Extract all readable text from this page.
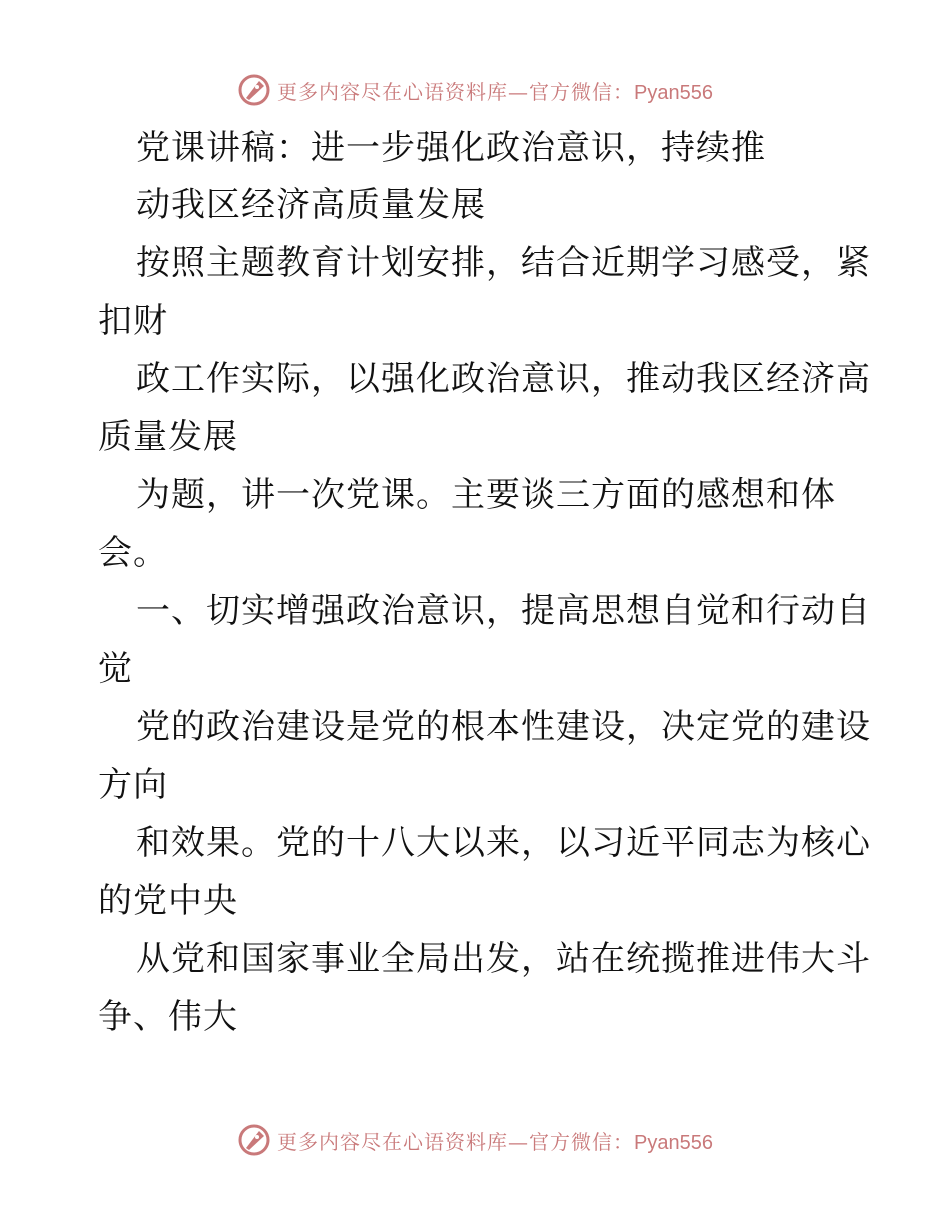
更多内容尽在心语资料库—官方微信：Pyan556
党课讲稿：进一步强化政治意识，持续推
动我区经济高质量发展
按照主题教育计划安排，结合近期学习感受，紧
扣财
政工作实际，以强化政治意识，推动我区经济高
质量发展
为题，讲一次党课。主要谈三方面的感想和体
会。
一、切实增强政治意识，提高思想自觉和行动自
觉
党的政治建设是党的根本性建设，决定党的建设
方向
和效果。党的十八大以来，以习近平同志为核心
的党中央
从党和国家事业全局出发，站在统揽推进伟大斗
争、伟大
更多内容尽在心语资料库—官方微信：Pyan556
